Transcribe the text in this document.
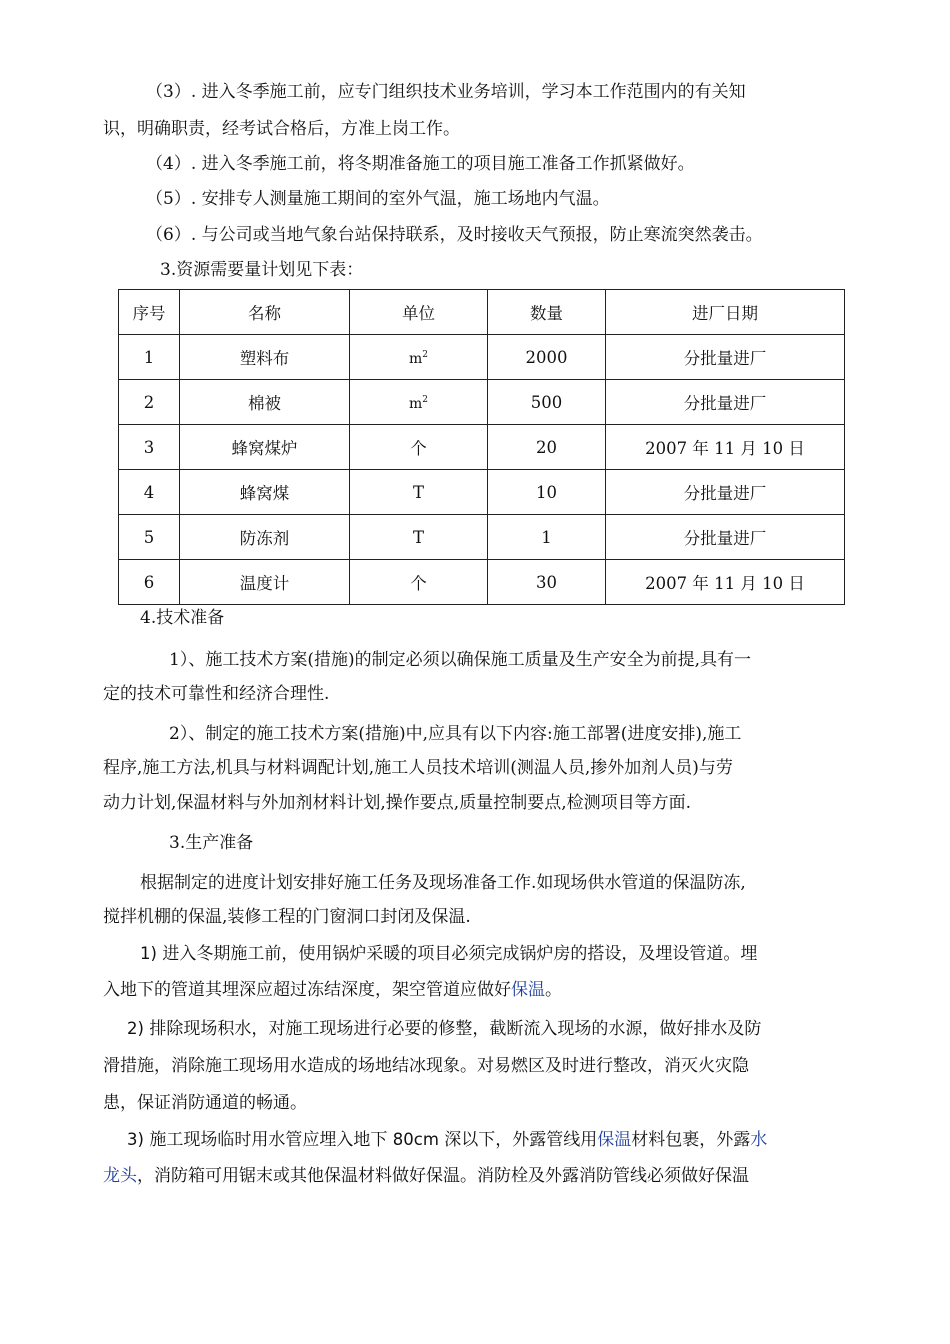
（3）. 进入冬季施工前，应专门组织技术业务培训，学习本工作范围内的有关知
识，明确职责，经考试合格后，方准上岗工作。
（4）. 进入冬季施工前，将冬期准备施工的项目施工准备工作抓紧做好。
（5）. 安排专人测量施工期间的室外气温，施工场地内气温。
（6）. 与公司或当地气象台站保持联系，及时接收天气预报，防止寒流突然袭击。
3.资源需要量计划见下表：
序号	名称	单位	数量	进厂日期
1	塑料布	$m^2$	2000	分批量进厂
2	棉被	$m^2$	500	分批量进厂
3	蜂窝煤炉	个	20	2007 年 11 月 10 日
4	蜂窝煤	T	10	分批量进厂
5	防冻剂	T	1	分批量进厂
6	温度计	个	30	2007 年 11 月 10 日
4.技术准备
1）、施工技术方案(措施)的制定必须以确保施工质量及生产安全为前提,具有一
定的技术可靠性和经济合理性.
2）、制定的施工技术方案(措施)中,应具有以下内容:施工部署(进度安排),施工
程序,施工方法,机具与材料调配计划,施工人员技术培训(测温人员,掺外加剂人员)与劳
动力计划,保温材料与外加剂材料计划,操作要点,质量控制要点,检测项目等方面.
3.生产准备
根据制定的进度计划安排好施工任务及现场准备工作.如现场供水管道的保温防冻,
搅拌机棚的保温,装修工程的门窗洞口封闭及保温.
1) 进入冬期施工前，使用锅炉采暖的项目必须完成锅炉房的搭设，及埋设管道。埋
入地下的管道其埋深应超过冻结深度，架空管道应做好保温。
2) 排除现场积水，对施工现场进行必要的修整，截断流入现场的水源，做好排水及防
滑措施，消除施工现场用水造成的场地结冰现象。对易燃区及时进行整改，消灭火灾隐
患，保证消防通道的畅通。
3) 施工现场临时用水管应埋入地下 80cm 深以下，外露管线用保温材料包裹，外露水
龙头，消防箱可用锯末或其他保温材料做好保温。消防栓及外露消防管线必须做好保温
